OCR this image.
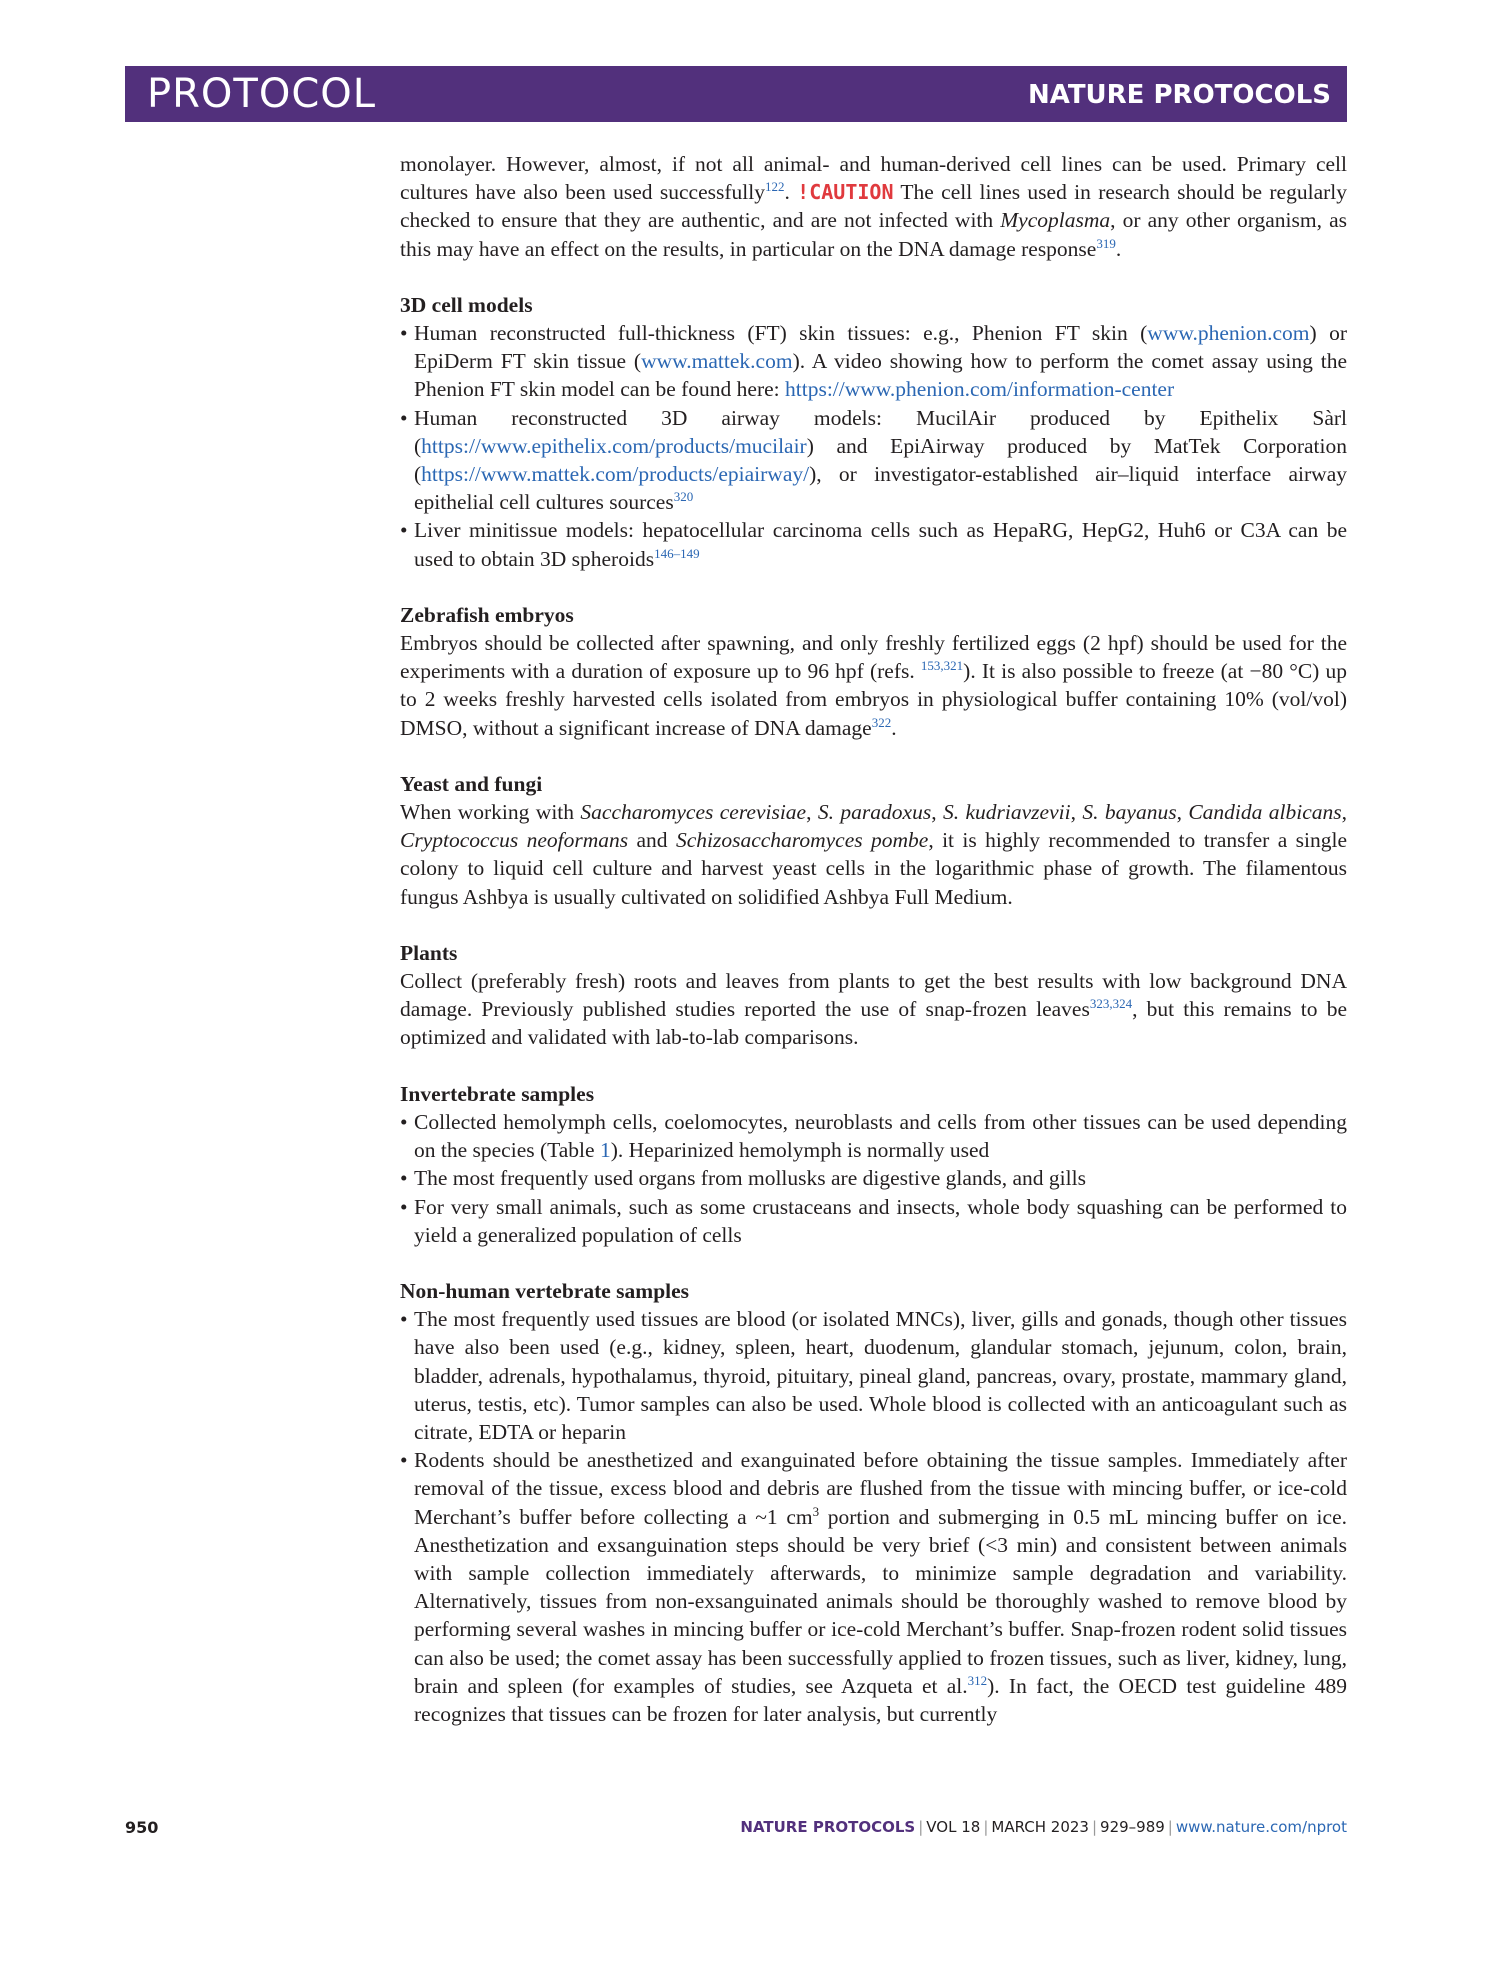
PROTOCOL	NATURE PROTOCOLS

monolayer. However, almost, if not all animal- and human-derived cell lines can be used. Primary cell cultures have also been used successfully$^{122}$. !CAUTION The cell lines used in research should be regularly checked to ensure that they are authentic, and are not infected with Mycoplasma, or any other organism, as this may have an effect on the results, in particular on the DNA damage response$^{319}$.

3D cell models
• Human reconstructed full-thickness (FT) skin tissues: e.g., Phenion FT skin (www.phenion.com) or EpiDerm FT skin tissue (www.mattek.com). A video showing how to perform the comet assay using the Phenion FT skin model can be found here: https://www.phenion.com/information-center
• Human reconstructed 3D airway models: MucilAir produced by Epithelix Sàrl (https://www.epithelix.com/products/mucilair) and EpiAirway produced by MatTek Corporation (https://www.mattek.com/products/epiairway/), or investigator-established air–liquid interface airway epithelial cell cultures sources$^{320}$
• Liver minitissue models: hepatocellular carcinoma cells such as HepaRG, HepG2, Huh6 or C3A can be used to obtain 3D spheroids$^{146-149}$
Zebrafish embryos

Embryos should be collected after spawning, and only freshly fertilized eggs (2 hpf) should be used for the experiments with a duration of exposure up to 96 hpf (refs. $^{153,321}$). It is also possible to freeze (at −80 °C) up to 2 weeks freshly harvested cells isolated from embryos in physiological buffer containing 10% (vol/vol) DMSO, without a significant increase of DNA damage$^{322}$.

Yeast and fungi

When working with Saccharomyces cerevisiae, S. paradoxus, S. kudriavzevii, S. bayanus, Candida albicans, Cryptococcus neoformans and Schizosaccharomyces pombe, it is highly recommended to transfer a single colony to liquid cell culture and harvest yeast cells in the logarithmic phase of growth. The filamentous fungus Ashbya is usually cultivated on solidified Ashbya Full Medium.

Plants

Collect (preferably fresh) roots and leaves from plants to get the best results with low background DNA damage. Previously published studies reported the use of snap-frozen leaves$^{323,324}$, but this remains to be optimized and validated with lab-to-lab comparisons.

Invertebrate samples
• Collected hemolymph cells, coelomocytes, neuroblasts and cells from other tissues can be used depending on the species (Table 1). Heparinized hemolymph is normally used
• The most frequently used organs from mollusks are digestive glands, and gills
• For very small animals, such as some crustaceans and insects, whole body squashing can be performed to yield a generalized population of cells
Non-human vertebrate samples
• The most frequently used tissues are blood (or isolated MNCs), liver, gills and gonads, though other tissues have also been used (e.g., kidney, spleen, heart, duodenum, glandular stomach, jejunum, colon, brain, bladder, adrenals, hypothalamus, thyroid, pituitary, pineal gland, pancreas, ovary, prostate, mammary gland, uterus, testis, etc). Tumor samples can also be used. Whole blood is collected with an anticoagulant such as citrate, EDTA or heparin
• Rodents should be anesthetized and exanguinated before obtaining the tissue samples. Immediately after removal of the tissue, excess blood and debris are flushed from the tissue with mincing buffer, or ice-cold Merchant’s buffer before collecting a ~1 $cm^3$ portion and submerging in 0.5 mL mincing buffer on ice. Anesthetization and exsanguination steps should be very brief (<3 min) and consistent between animals with sample collection immediately afterwards, to minimize sample degradation and variability. Alternatively, tissues from non-exsanguinated animals should be thoroughly washed to remove blood by performing several washes in mincing buffer or ice-cold Merchant’s buffer. Snap-frozen rodent solid tissues can also be used; the comet assay has been successfully applied to frozen tissues, such as liver, kidney, lung, brain and spleen (for examples of studies, see Azqueta et al.$^{312}$). In fact, the OECD test guideline 489 recognizes that tissues can be frozen for later analysis, but currently
950	NATURE PROTOCOLS | VOL 18 | MARCH 2023 | 929–989 | www.nature.com/nprot
